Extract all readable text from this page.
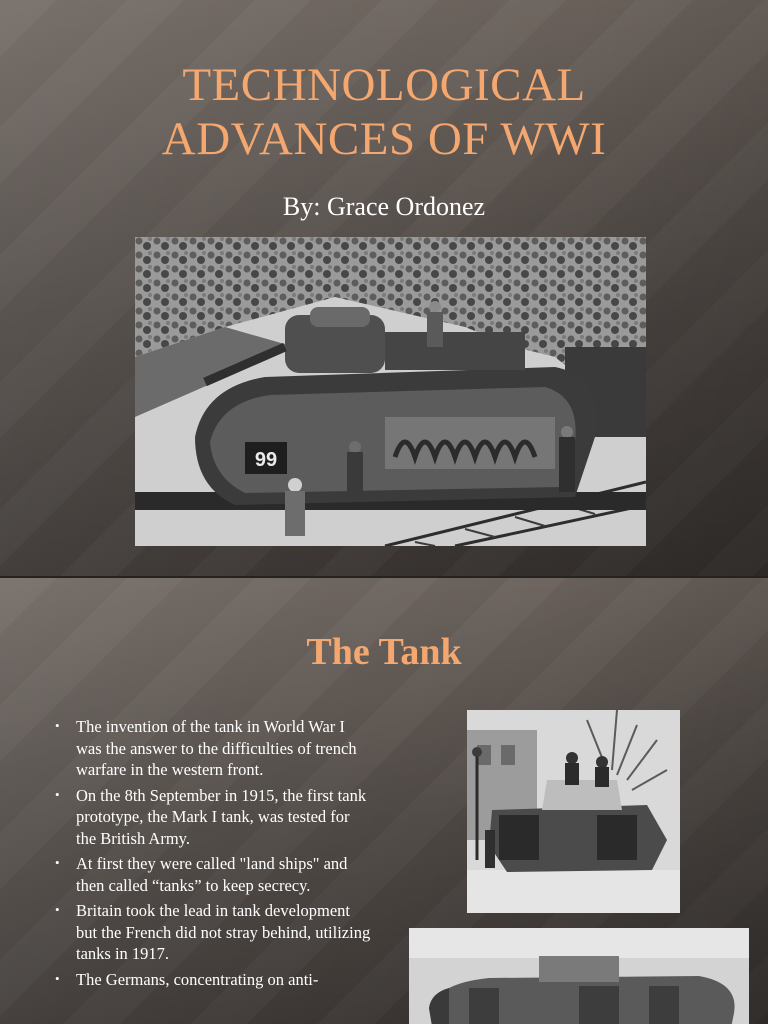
TECHNOLOGICAL
ADVANCES OF WWI
By: Grace Ordonez
99
The Tank
• The invention of the tank in World War I was the answer to the difficulties of trench warfare in the western front.
• On the 8th September in 1915, the first tank prototype, the Mark I tank, was tested for the British Army.
• At first they were called "land ships" and then called “tanks” to keep secrecy.
• Britain took the lead in tank development but the French did not stray behind, utilizing tanks in 1917.
• The Germans, concentrating on anti-
